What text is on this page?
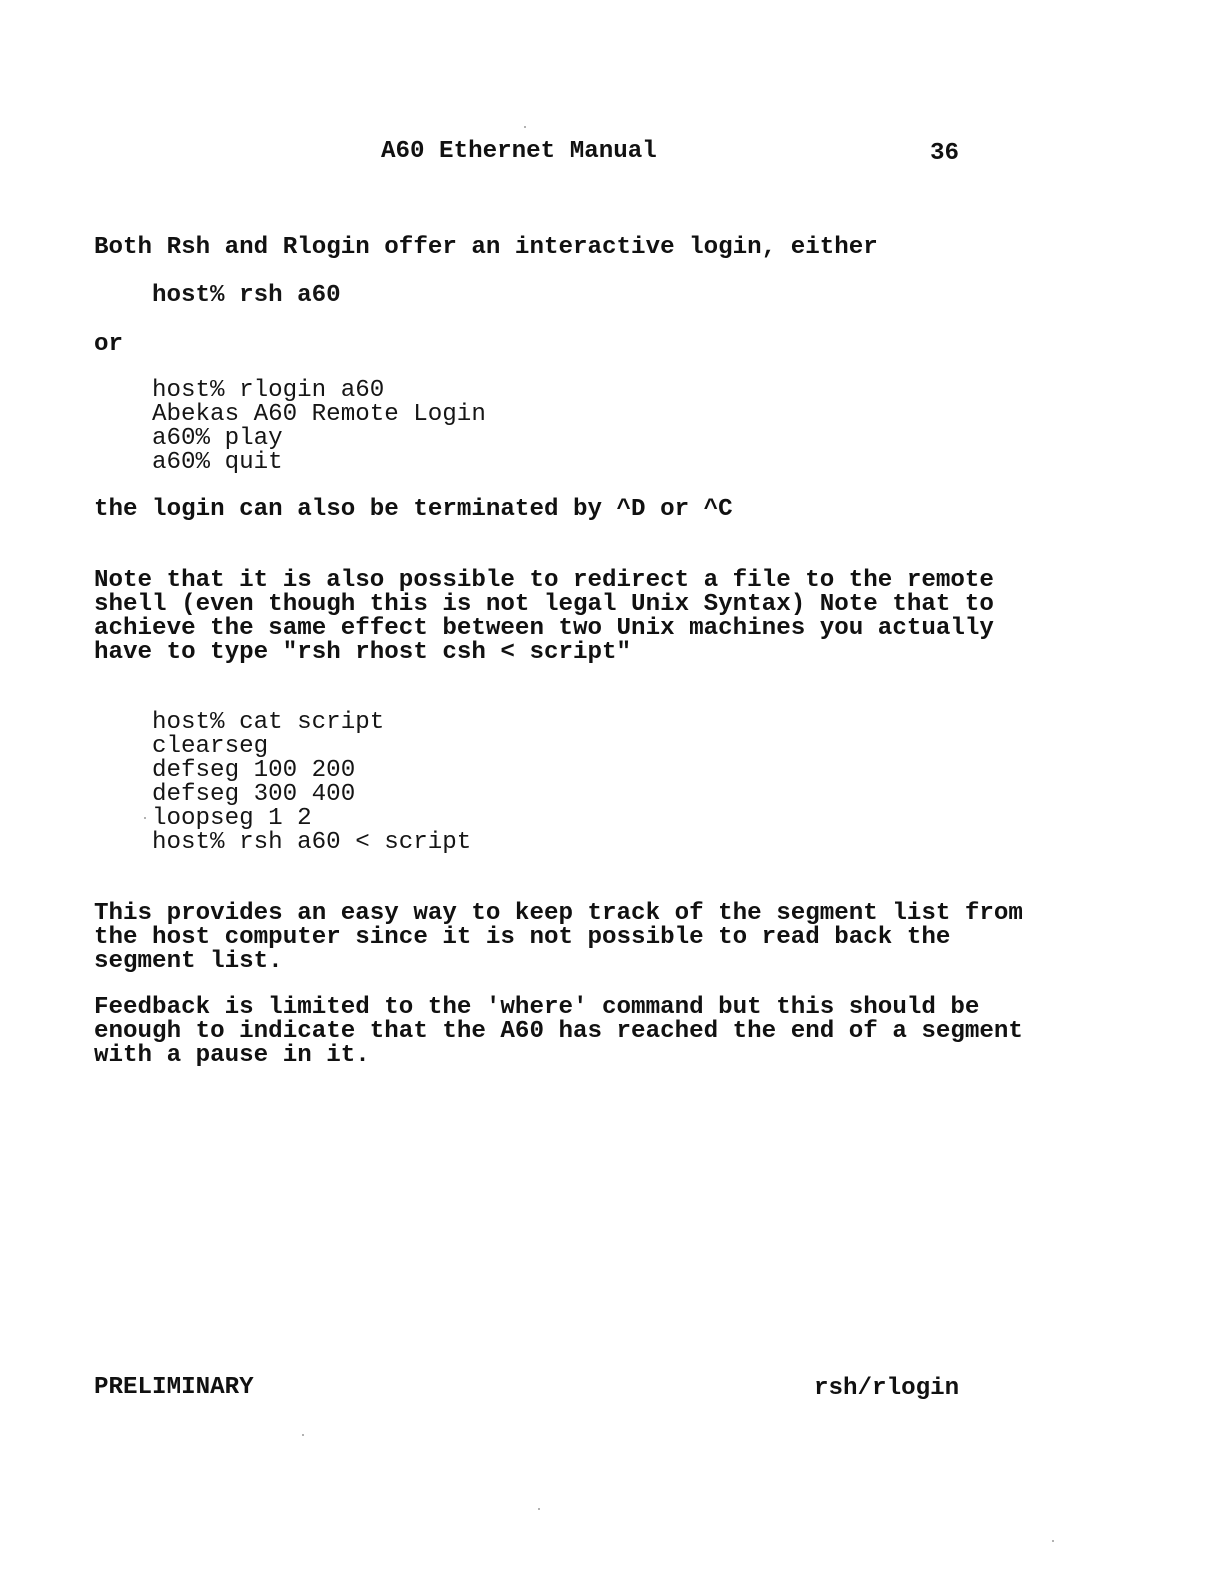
A60 Ethernet Manual	36
Both Rsh and Rlogin offer an interactive login, either
host% rsh a60
or
host% rlogin a60
Abekas A60 Remote Login
a60% play
a60% quit
the login can also be terminated by ^D or ^C
Note that it is also possible to redirect a file to the remote
shell (even though this is not legal Unix Syntax) Note that to
achieve the same effect between two Unix machines you actually
have to type "rsh rhost csh < script"
host% cat script
clearseg
defseg 100 200
defseg 300 400
loopseg 1 2
host% rsh a60 < script
This provides an easy way to keep track of the segment list from
the host computer since it is not possible to read back the
segment list.
Feedback is limited to the 'where' command but this should be
enough to indicate that the A60 has reached the end of a segment
with a pause in it.
PRELIMINARY	rsh/rlogin
